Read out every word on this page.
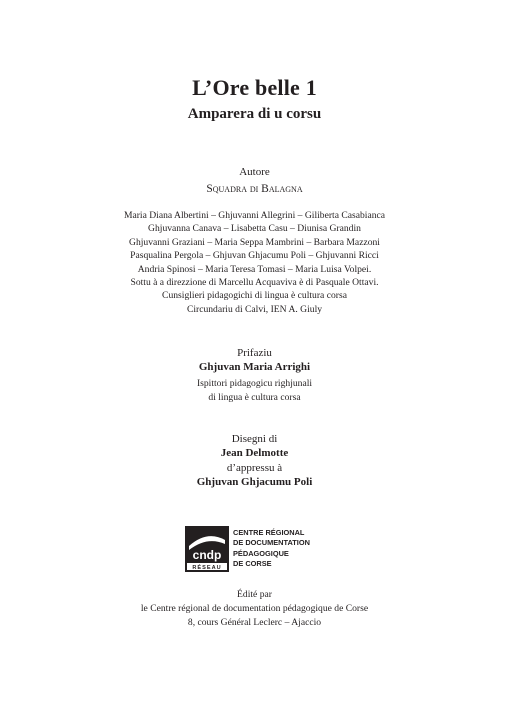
L’Ore belle 1
Amparera di u corsu
Autore
Squadra di Balagna
Maria Diana Albertini – Ghjuvanni Allegrini – Giliberta Casabianca
Ghjuvanna Canava – Lisabetta Casu – Diunisa Grandin
Ghjuvanni Graziani – Maria Seppa Mambrini – Barbara Mazzoni
Pasqualina Pergola – Ghjuvan Ghjacumu Poli – Ghjuvanni Ricci
Andria Spinosi – Maria Teresa Tomasi – Maria Luisa Volpei.
Sottu à a direzzione di Marcellu Acquaviva è di Pasquale Ottavi.
Cunsiglieri pidagogichi di lingua è cultura corsa
Circundariu di Calvi, IEN A. Giuly
Prifaziu
Ghjuvan Maria Arrighi
Ispittori pidagogicu righjunali
di lingua è cultura corsa
Disegni di
Jean Delmotte
d’appressu à
Ghjuvan Ghjacumu Poli
cndp
RÉSEAU
CENTRE RÉGIONAL
DE DOCUMENTATION
PÉDAGOGIQUE
DE CORSE
Édité par
le Centre régional de documentation pédagogique de Corse
8, cours Général Leclerc – Ajaccio
